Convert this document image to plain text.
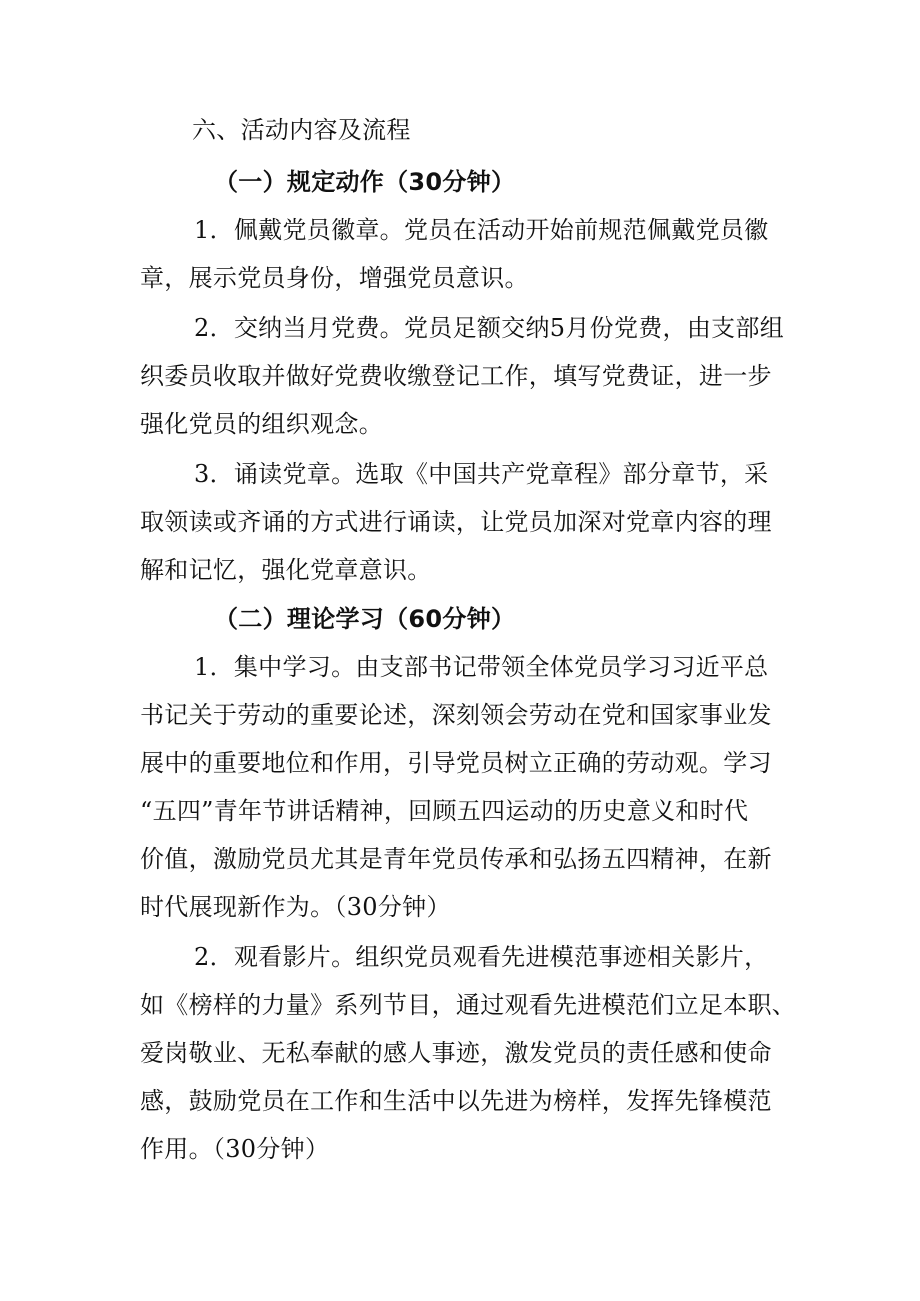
六、活动内容及流程
（一）规定动作（30分钟）
1．佩戴党员徽章。党员在活动开始前规范佩戴党员徽
章，展示党员身份，增强党员意识。
2．交纳当月党费。党员足额交纳5月份党费，由支部组
织委员收取并做好党费收缴登记工作，填写党费证，进一步
强化党员的组织观念。
3．诵读党章。选取《中国共产党章程》部分章节，采
取领读或齐诵的方式进行诵读，让党员加深对党章内容的理
解和记忆，强化党章意识。
（二）理论学习（60分钟）
1．集中学习。由支部书记带领全体党员学习习近平总
书记关于劳动的重要论述，深刻领会劳动在党和国家事业发
展中的重要地位和作用，引导党员树立正确的劳动观。学习
“五四”青年节讲话精神，回顾五四运动的历史意义和时代
价值，激励党员尤其是青年党员传承和弘扬五四精神，在新
时代展现新作为。（30分钟）
2．观看影片。组织党员观看先进模范事迹相关影片，
如《榜样的力量》系列节目，通过观看先进模范们立足本职、
爱岗敬业、无私奉献的感人事迹，激发党员的责任感和使命
感，鼓励党员在工作和生活中以先进为榜样，发挥先锋模范
作用。（30分钟）
